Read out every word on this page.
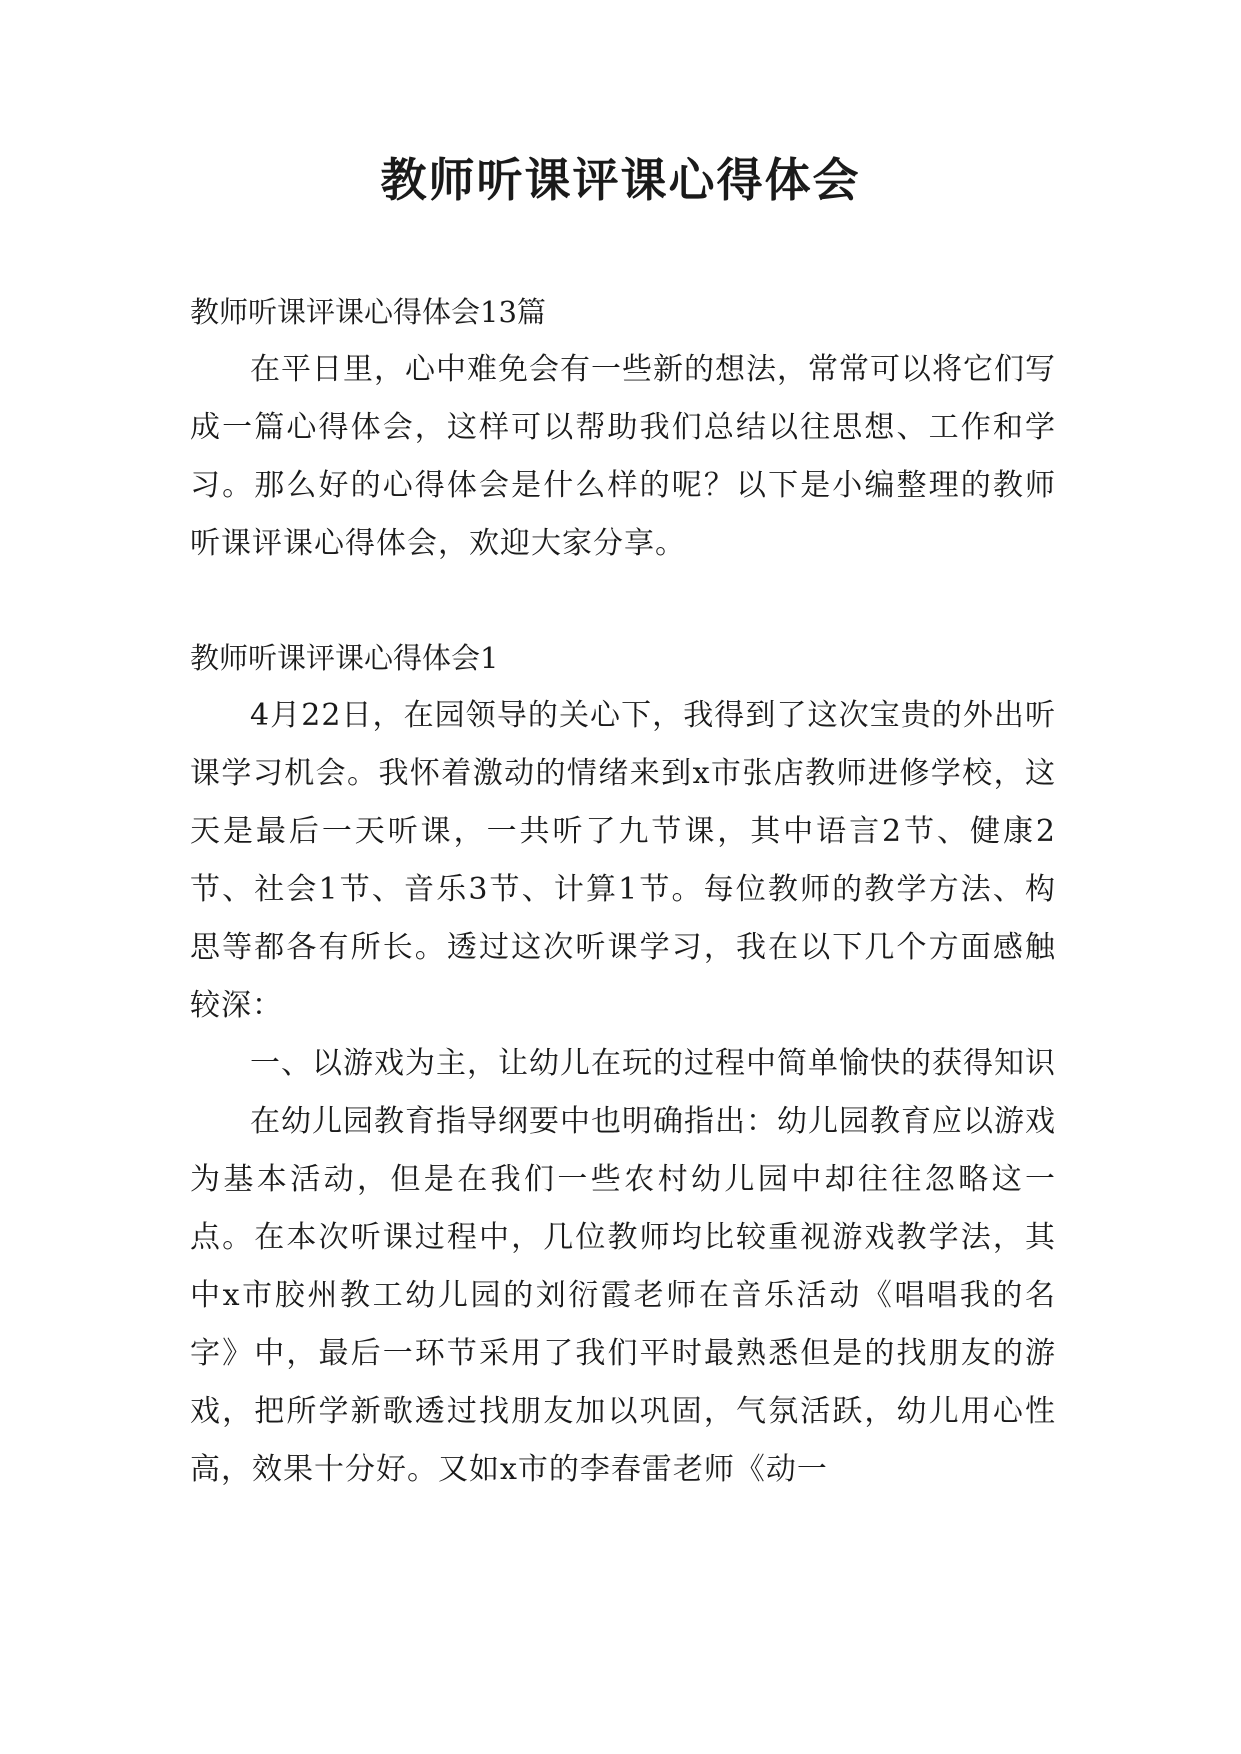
教师听课评课心得体会

教师听课评课心得体会13篇

在平日里，心中难免会有一些新的想法，常常可以将它们写成一篇心得体会，这样可以帮助我们总结以往思想、工作和学习。那么好的心得体会是什么样的呢？以下是小编整理的教师听课评课心得体会，欢迎大家分享。

教师听课评课心得体会1

4月22日，在园领导的关心下，我得到了这次宝贵的外出听课学习机会。我怀着激动的情绪来到x市张店教师进修学校，这天是最后一天听课，一共听了九节课，其中语言2节、健康2节、社会1节、音乐3节、计算1节。每位教师的教学方法、构思等都各有所长。透过这次听课学习，我在以下几个方面感触较深：

一、以游戏为主，让幼儿在玩的过程中简单愉快的获得知识

在幼儿园教育指导纲要中也明确指出：幼儿园教育应以游戏为基本活动，但是在我们一些农村幼儿园中却往往忽略这一点。在本次听课过程中，几位教师均比较重视游戏教学法，其中x市胶州教工幼儿园的刘衍霞老师在音乐活动《唱唱我的名字》中，最后一环节采用了我们平时最熟悉但是的找朋友的游戏，把所学新歌透过找朋友加以巩固，气氛活跃，幼儿用心性高，效果十分好。又如x市的李春雷老师《动一
